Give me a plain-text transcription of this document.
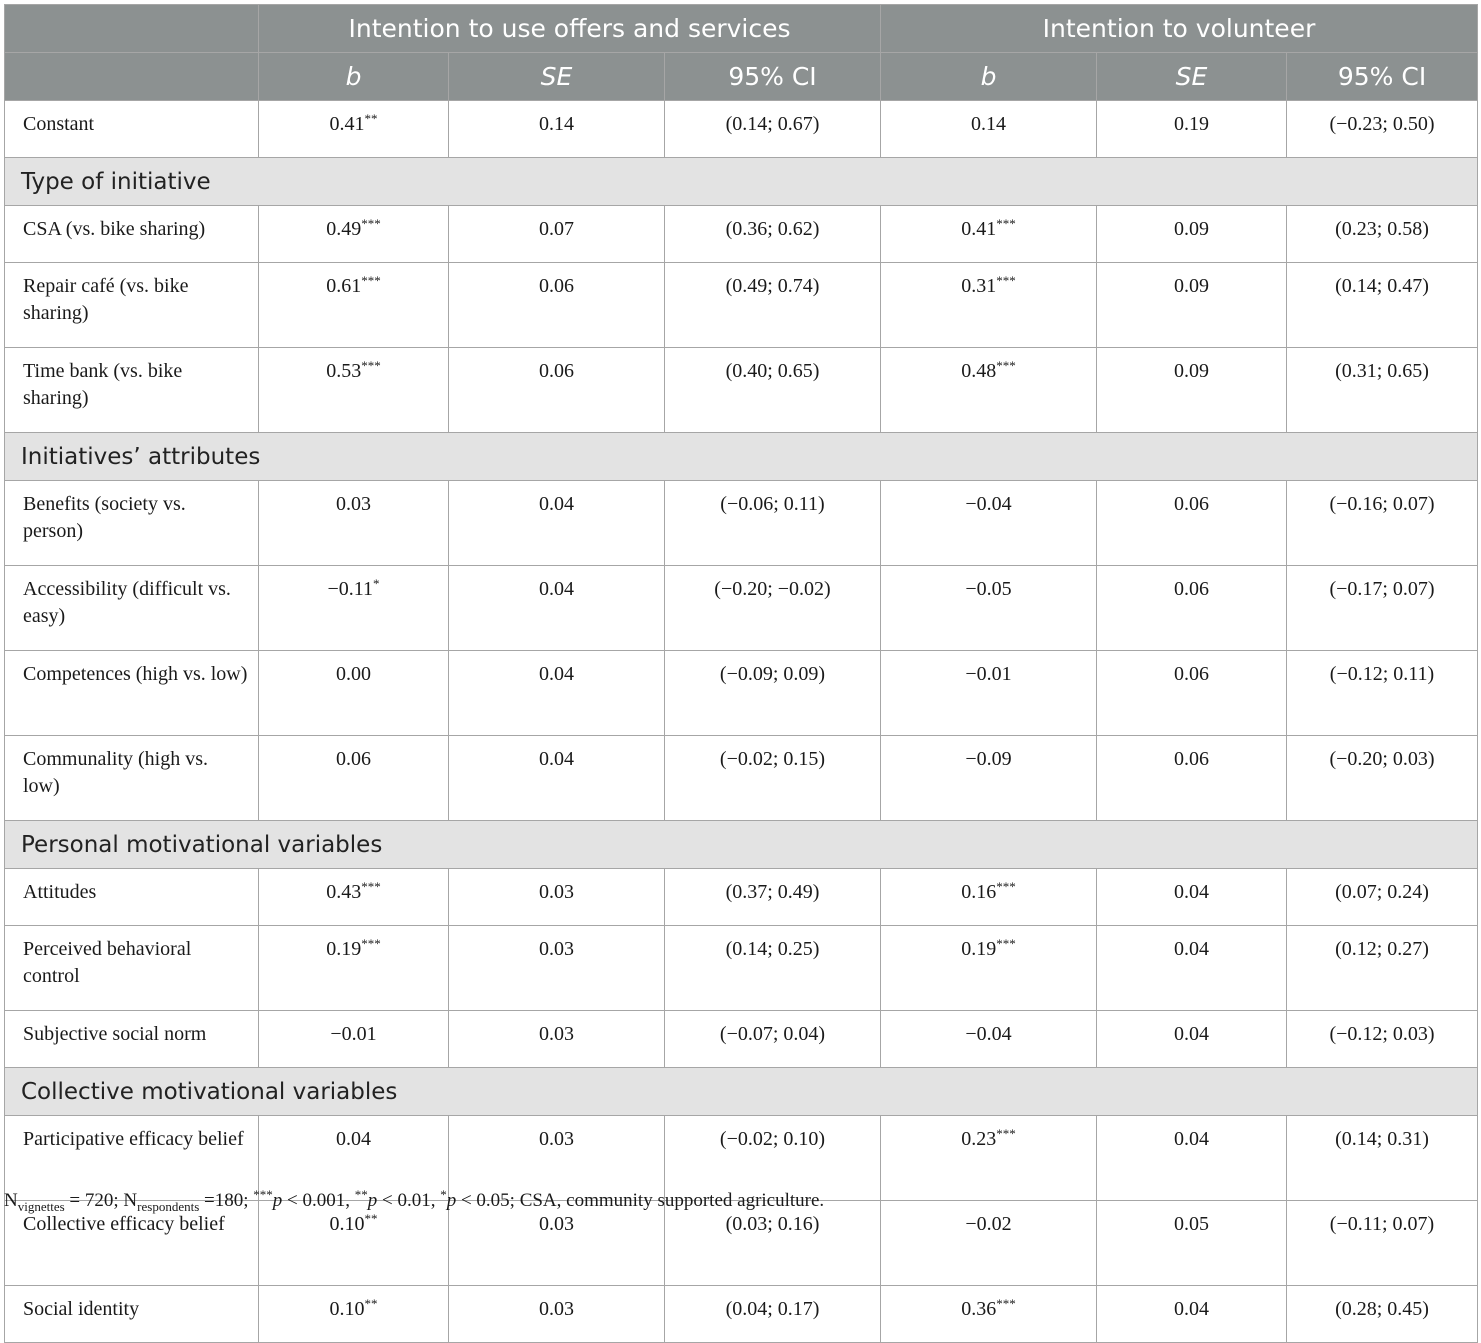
	Intention to use offers and services			Intention to volunteer		
	b	SE	95% CI	b	SE	95% CI
Constant	0.41**	0.14	(0.14; 0.67)	0.14	0.19	(−0.23; 0.50)
Type of initiative						
CSA (vs. bike sharing)	0.49***	0.07	(0.36; 0.62)	0.41***	0.09	(0.23; 0.58)
Repair café (vs. bike sharing)	0.61***	0.06	(0.49; 0.74)	0.31***	0.09	(0.14; 0.47)
Time bank (vs. bike sharing)	0.53***	0.06	(0.40; 0.65)	0.48***	0.09	(0.31; 0.65)
Initiatives’ attributes						
Benefits (society vs. person)	0.03	0.04	(−0.06; 0.11)	−0.04	0.06	(−0.16; 0.07)
Accessibility (difficult vs. easy)	−0.11*	0.04	(−0.20; −0.02)	−0.05	0.06	(−0.17; 0.07)
Competences (high vs. low)	0.00	0.04	(−0.09; 0.09)	−0.01	0.06	(−0.12; 0.11)
Communality (high vs. low)	0.06	0.04	(−0.02; 0.15)	−0.09	0.06	(−0.20; 0.03)
Personal motivational variables						
Attitudes	0.43***	0.03	(0.37; 0.49)	0.16***	0.04	(0.07; 0.24)
Perceived behavioral control	0.19***	0.03	(0.14; 0.25)	0.19***	0.04	(0.12; 0.27)
Subjective social norm	−0.01	0.03	(−0.07; 0.04)	−0.04	0.04	(−0.12; 0.03)
Collective motivational variables						
Participative efficacy belief	0.04	0.03	(−0.02; 0.10)	0.23***	0.04	(0.14; 0.31)
Collective efficacy belief	0.10**	0.03	(0.03; 0.16)	−0.02	0.05	(−0.11; 0.07)
Social identity	0.10**	0.03	(0.04; 0.17)	0.36***	0.04	(0.28; 0.45)
$N_{vignettes} = 720$; $N_{respondents} =180$; ***p < 0.001, **p < 0.01, *p < 0.05; CSA, community supported agriculture.
